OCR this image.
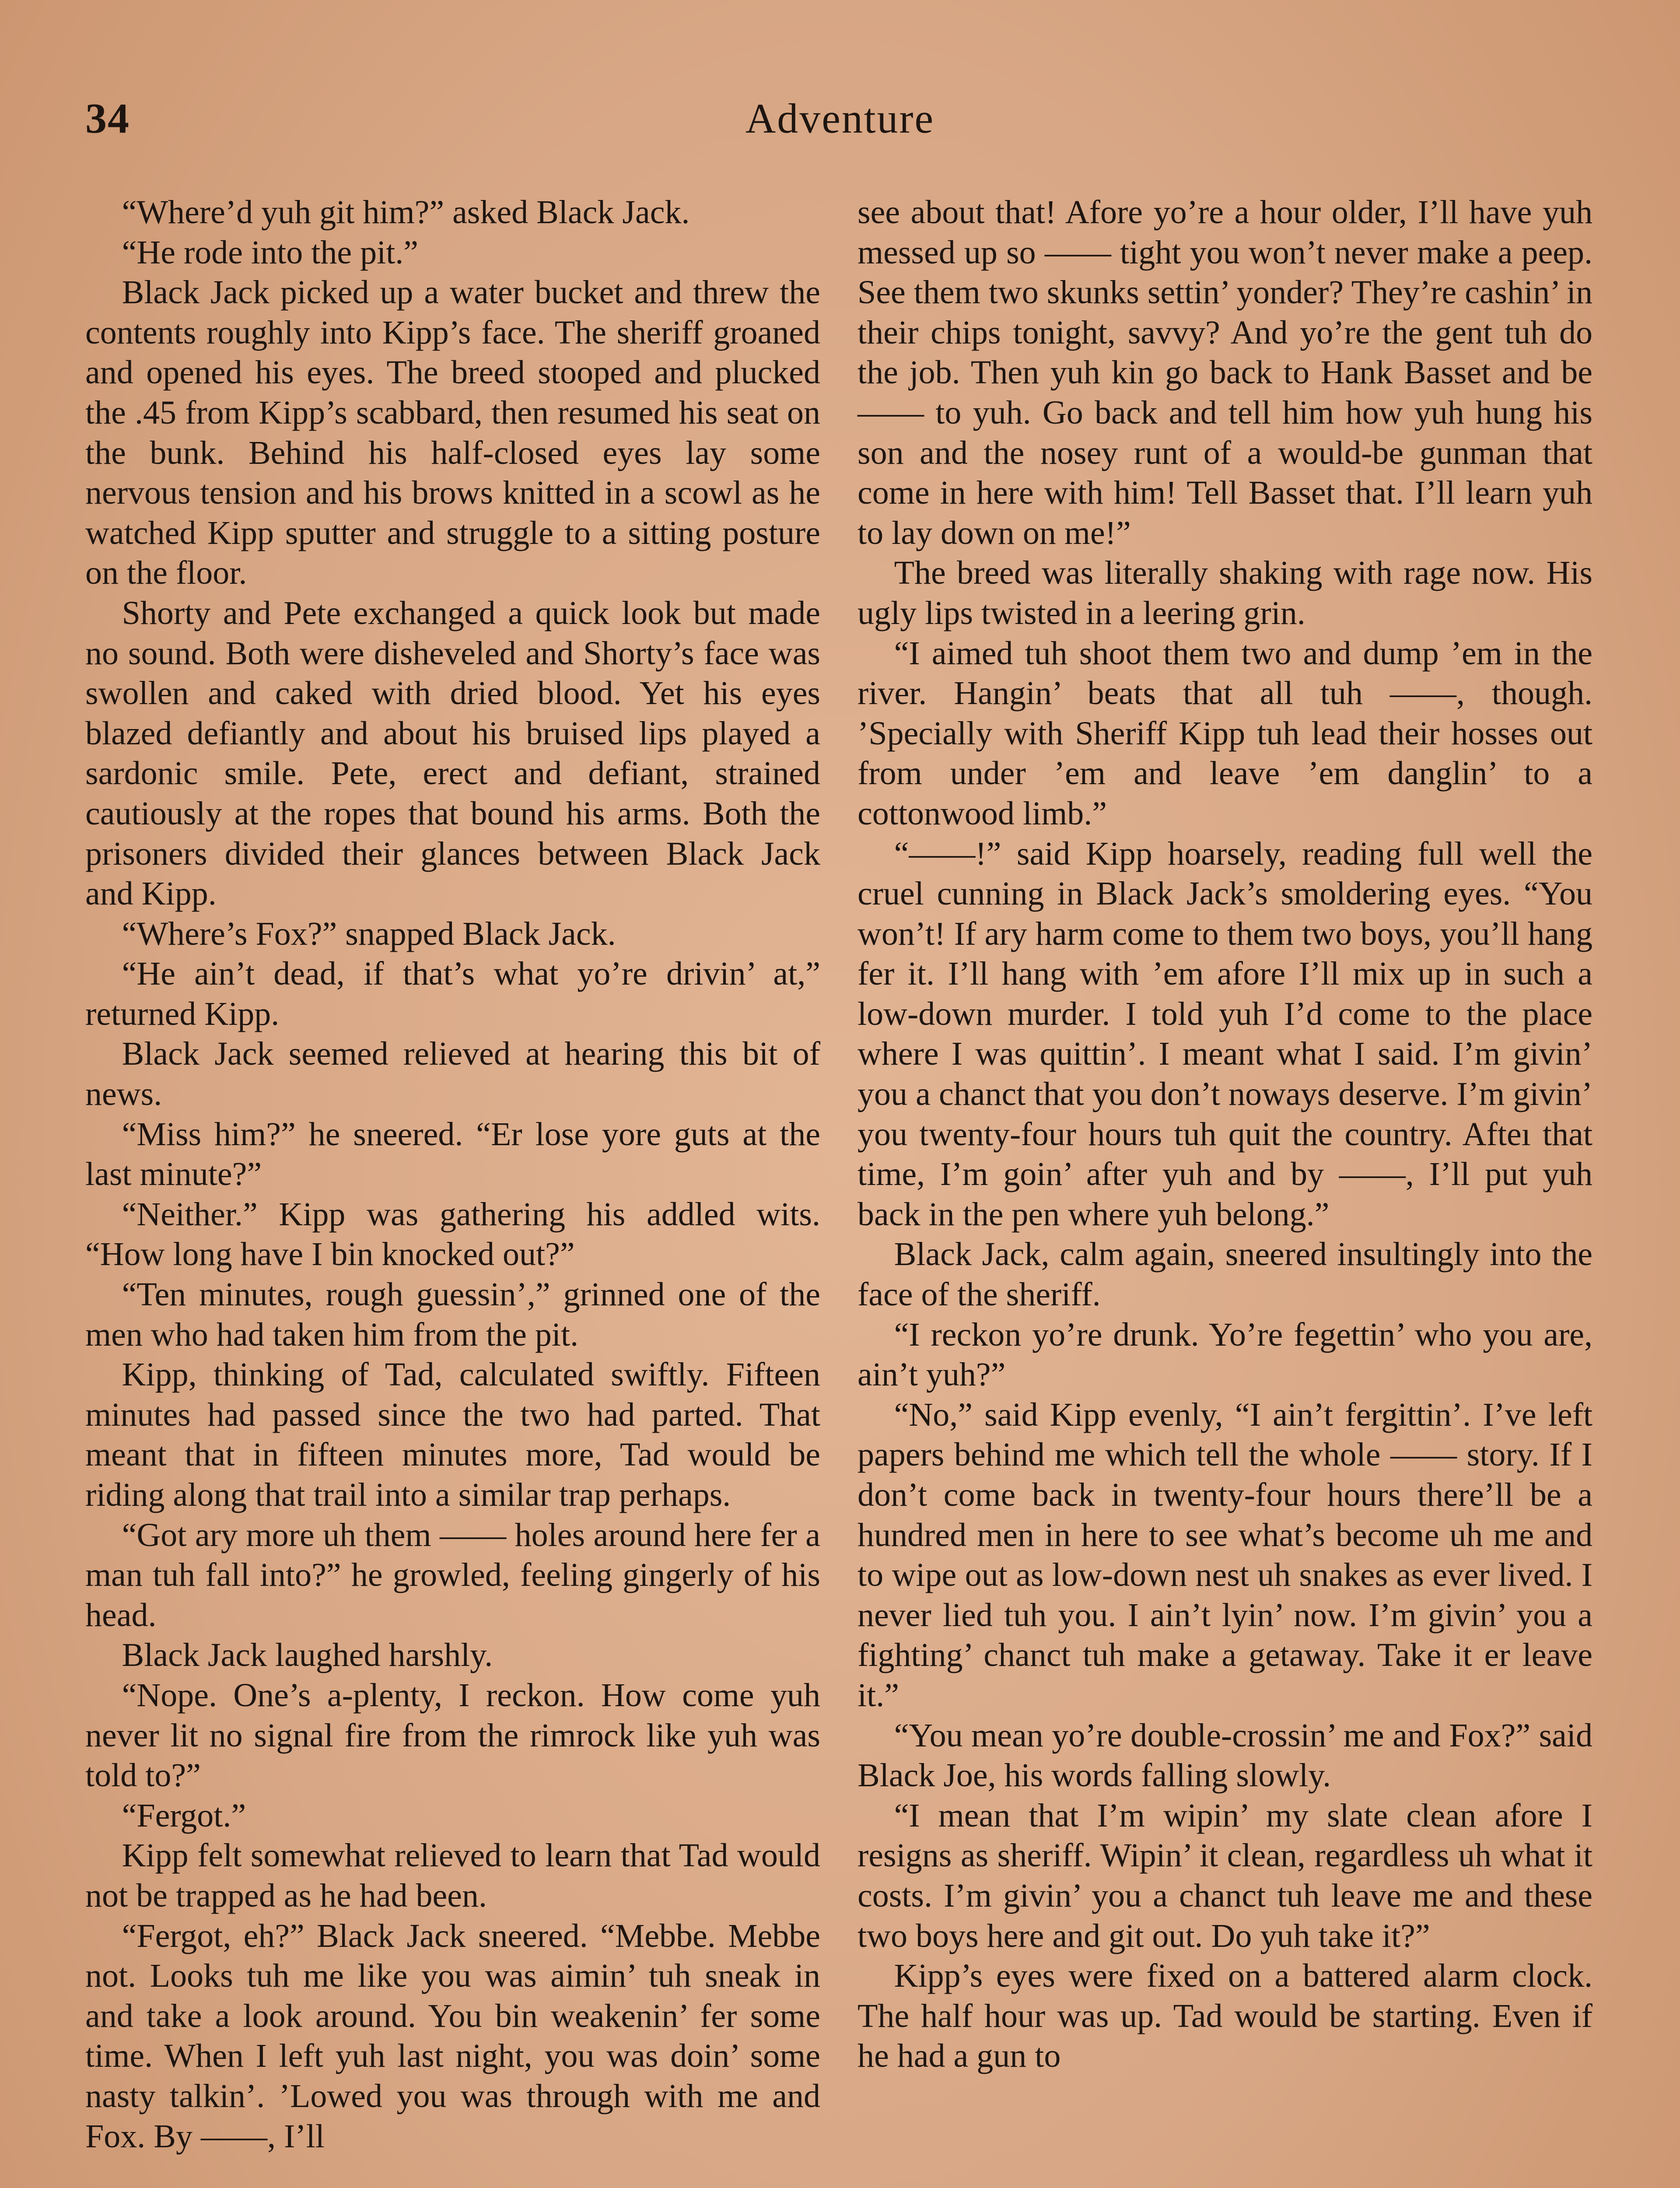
34	Adventure

“Where’d yuh git him?” asked Black Jack.

“He rode into the pit.”

Black Jack picked up a water bucket and threw the contents roughly into Kipp’s face. The sheriff groaned and opened his eyes. The breed stooped and plucked the .45 from Kipp’s scabbard, then resumed his seat on the bunk. Behind his half-closed eyes lay some nervous tension and his brows knitted in a scowl as he watched Kipp sputter and struggle to a sitting posture on the floor.

Shorty and Pete exchanged a quick look but made no sound. Both were disheveled and Shorty’s face was swollen and caked with dried blood. Yet his eyes blazed defiantly and about his bruised lips played a sardonic smile. Pete, erect and defiant, strained cautiously at the ropes that bound his arms. Both the prisoners divided their glances between Black Jack and Kipp.

“Where’s Fox?” snapped Black Jack.

“He ain’t dead, if that’s what yo’re drivin’ at,” returned Kipp.

Black Jack seemed relieved at hearing this bit of news.

“Miss him?” he sneered. “Er lose yore guts at the last minute?”

“Neither.” Kipp was gathering his addled wits. “How long have I bin knocked out?”

“Ten minutes, rough guessin’,” grinned one of the men who had taken him from the pit.

Kipp, thinking of Tad, calculated swiftly. Fifteen minutes had passed since the two had parted. That meant that in fifteen minutes more, Tad would be riding along that trail into a similar trap perhaps.

“Got ary more uh them —— holes around here fer a man tuh fall into?” he growled, feeling gingerly of his head.

Black Jack laughed harshly.

“Nope. One’s a-plenty, I reckon. How come yuh never lit no signal fire from the rimrock like yuh was told to?”

“Fergot.”

Kipp felt somewhat relieved to learn that Tad would not be trapped as he had been.

“Fergot, eh?” Black Jack sneered. “Mebbe. Mebbe not. Looks tuh me like you was aimin’ tuh sneak in and take a look around. You bin weakenin’ fer some time. When I left yuh last night, you was doin’ some nasty talkin’. ’Lowed you was through with me and Fox. By ——, I’ll

see about that! Afore yo’re a hour older, I’ll have yuh messed up so —— tight you won’t never make a peep. See them two skunks settin’ yonder? They’re cashin’ in their chips tonight, savvy? And yo’re the gent tuh do the job. Then yuh kin go back to Hank Basset and be —— to yuh. Go back and tell him how yuh hung his son and the nosey runt of a would-be gunman that come in here with him! Tell Basset that. I’ll learn yuh to lay down on me!”

The breed was literally shaking with rage now. His ugly lips twisted in a leering grin.

“I aimed tuh shoot them two and dump ’em in the river. Hangin’ beats that all tuh ——, though. ’Specially with Sheriff Kipp tuh lead their hosses out from under ’em and leave ’em danglin’ to a cottonwood limb.”

“——!” said Kipp hoarsely, reading full well the cruel cunning in Black Jack’s smoldering eyes. “You won’t! If ary harm come to them two boys, you’ll hang fer it. I’ll hang with ’em afore I’ll mix up in such a low-down murder. I told yuh I’d come to the place where I was quittin’. I meant what I said. I’m givin’ you a chanct that you don’t noways deserve. I’m givin’ you twenty-four hours tuh quit the country. Afteı that time, I’m goin’ after yuh and by ——, I’ll put yuh back in the pen where yuh belong.”

Black Jack, calm again, sneered insultingly into the face of the sheriff.

“I reckon yo’re drunk. Yo’re fegettin’ who you are, ain’t yuh?”

“No,” said Kipp evenly, “I ain’t fergittin’. I’ve left papers behind me which tell the whole —— story. If I don’t come back in twenty-four hours there’ll be a hundred men in here to see what’s become uh me and to wipe out as low-down nest uh snakes as ever lived. I never lied tuh you. I ain’t lyin’ now. I’m givin’ you a fighting’ chanct tuh make a getaway. Take it er leave it.”

“You mean yo’re double-crossin’ me and Fox?” said Black Joe, his words falling slowly.

“I mean that I’m wipin’ my slate clean afore I resigns as sheriff. Wipin’ it clean, regardless uh what it costs. I’m givin’ you a chanct tuh leave me and these two boys here and git out. Do yuh take it?”

Kipp’s eyes were fixed on a battered alarm clock. The half hour was up. Tad would be starting. Even if he had a gun to
